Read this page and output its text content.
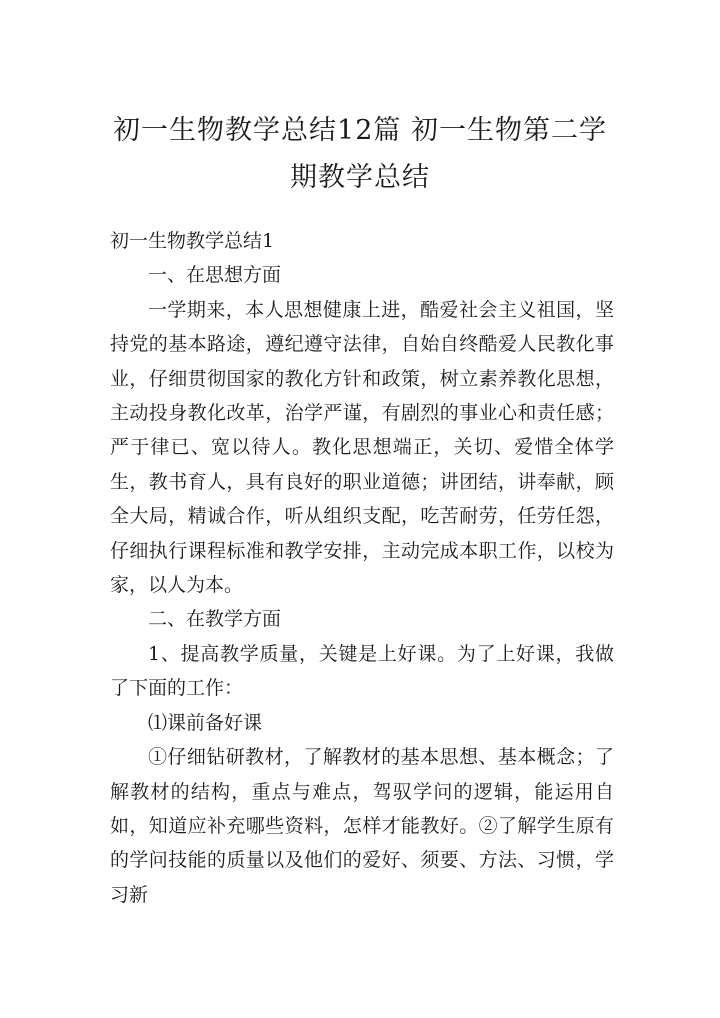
初一生物教学总结12篇 初一生物第二学
期教学总结

初一生物教学总结1

一、在思想方面

一学期来，本人思想健康上进，酷爱社会主义祖国，坚持党的基本路途，遵纪遵守法律，自始自终酷爱人民教化事业，仔细贯彻国家的教化方针和政策，树立素养教化思想，主动投身教化改革，治学严谨，有剧烈的事业心和责任感；严于律已、宽以待人。教化思想端正，关切、爱惜全体学生，教书育人，具有良好的职业道德；讲团结，讲奉献，顾全大局，精诚合作，听从组织支配，吃苦耐劳，任劳任怨，仔细执行课程标准和教学安排，主动完成本职工作，以校为家，以人为本。

二、在教学方面

1、提高教学质量，关键是上好课。为了上好课，我做了下面的工作：

⑴课前备好课

①仔细钻研教材，了解教材的基本思想、基本概念；了解教材的结构，重点与难点，驾驭学问的逻辑，能运用自如，知道应补充哪些资料，怎样才能教好。②了解学生原有的学问技能的质量以及他们的爱好、须要、方法、习惯，学习新
